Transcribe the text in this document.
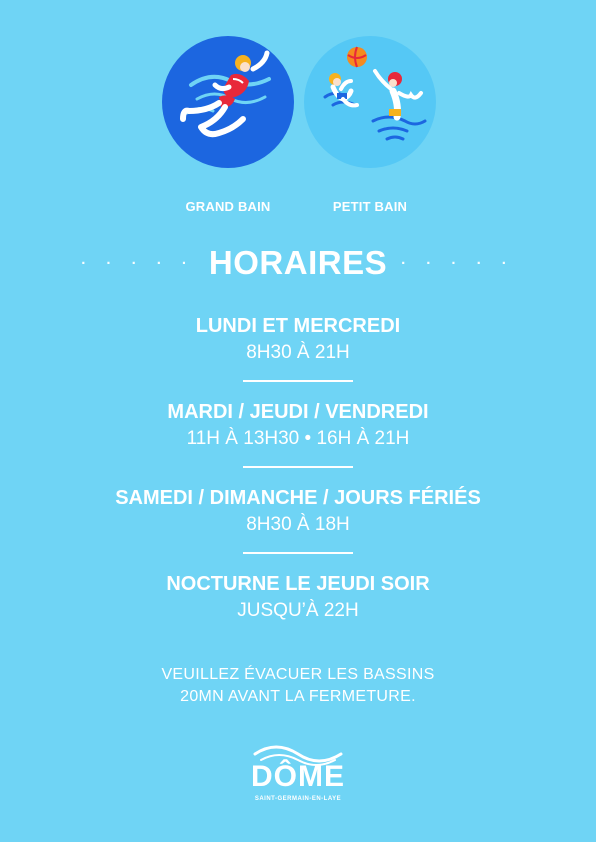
GRAND BAIN	PETIT BAIN
· · · · · HORAIRES · · · · ·
LUNDI ET MERCREDI
8H30 À 21H
MARDI / JEUDI / VENDREDI
11H À 13H30 • 16H À 21H
SAMEDI / DIMANCHE / JOURS FÉRIÉS
8H30 À 18H
NOCTURNE LE JEUDI SOIR
JUSQU’À 22H
VEUILLEZ ÉVACUER LES BASSINS
20MN AVANT LA FERMETURE.
DÔME
SAINT-GERMAIN-EN-LAYE
